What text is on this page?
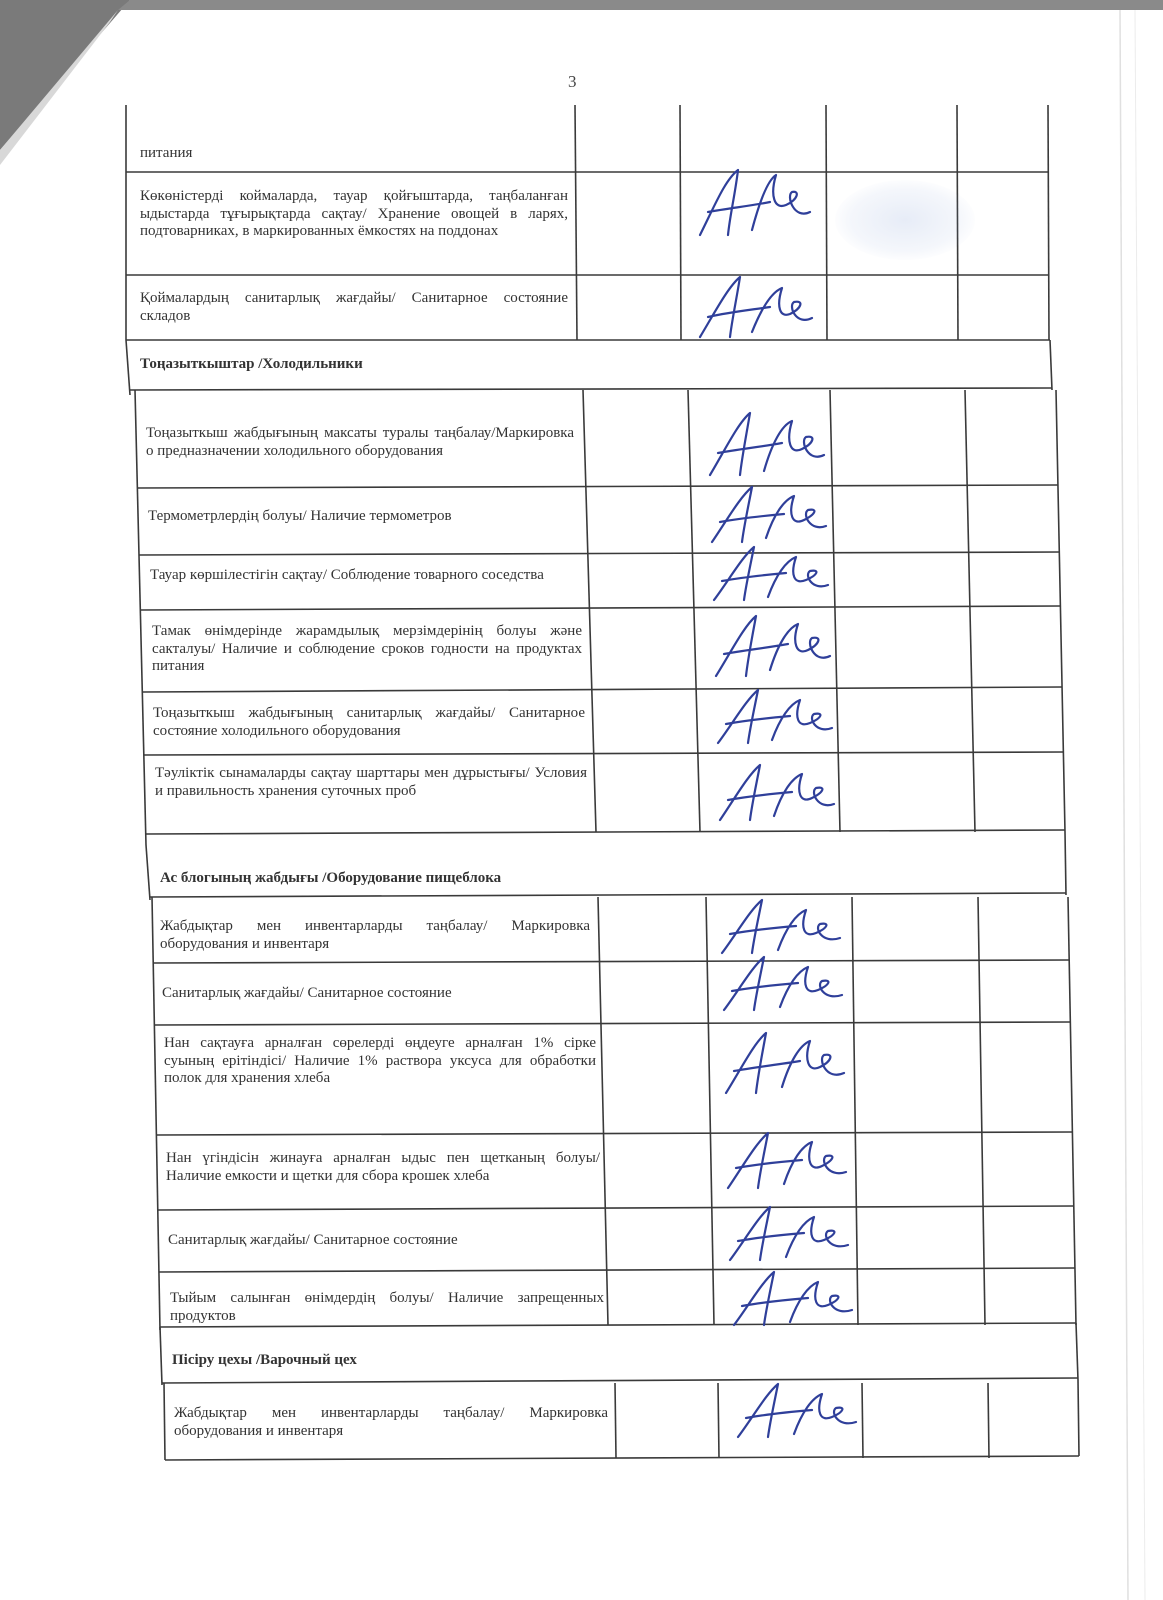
3
питания
Көкөністерді коймаларда, тауар қойғыштарда, таңбаланған ыдыстарда тұғырықтарда сақтау/ Хранение овощей в ларях, подтоварниках, в маркированных ёмкостях на поддонах
Қоймалардың санитарлық жағдайы/ Санитарное состояние складов
Тоңазыткыштар /Холодильники
Тоңазыткыш жабдығының максаты туралы таңбалау/Маркировка о предназначении холодильного оборудования
Термометрлердің болуы/ Наличие термометров
Тауар көршілестігін сақтау/ Соблюдение товарного соседства
Тамак өнімдерінде жарамдылық мерзімдерінің болуы және сакталуы/ Наличие и соблюдение сроков годности на продуктах питания
Тоңазыткыш жабдығының санитарлық жағдайы/ Санитарное состояние холодильного оборудования
Тәуліктік сынамаларды сақтау шарттары мен дұрыстығы/ Условия и правильность хранения суточных проб
Ас блогының жабдығы /Оборудование пищеблока
Жабдықтар мен инвентарларды таңбалау/ Маркировка оборудования и инвентаря
Санитарлық жағдайы/ Санитарное состояние
Нан сақтауға арналған сөрелерді өңдеуге арналған 1% сірке суының ерітіндісі/ Наличие 1% раствора уксуса для обработки полок для хранения хлеба
Нан үгіндісін жинауға арналған ыдыс пен щетканың болуы/Наличие емкости и щетки для сбора крошек хлеба
Санитарлық жағдайы/ Санитарное состояние
Тыйым салынған өнімдердің болуы/ Наличие запрещенных продуктов
Пісіру цехы /Варочный цех
Жабдықтар мен инвентарларды таңбалау/ Маркировка оборудования и инвентаря
